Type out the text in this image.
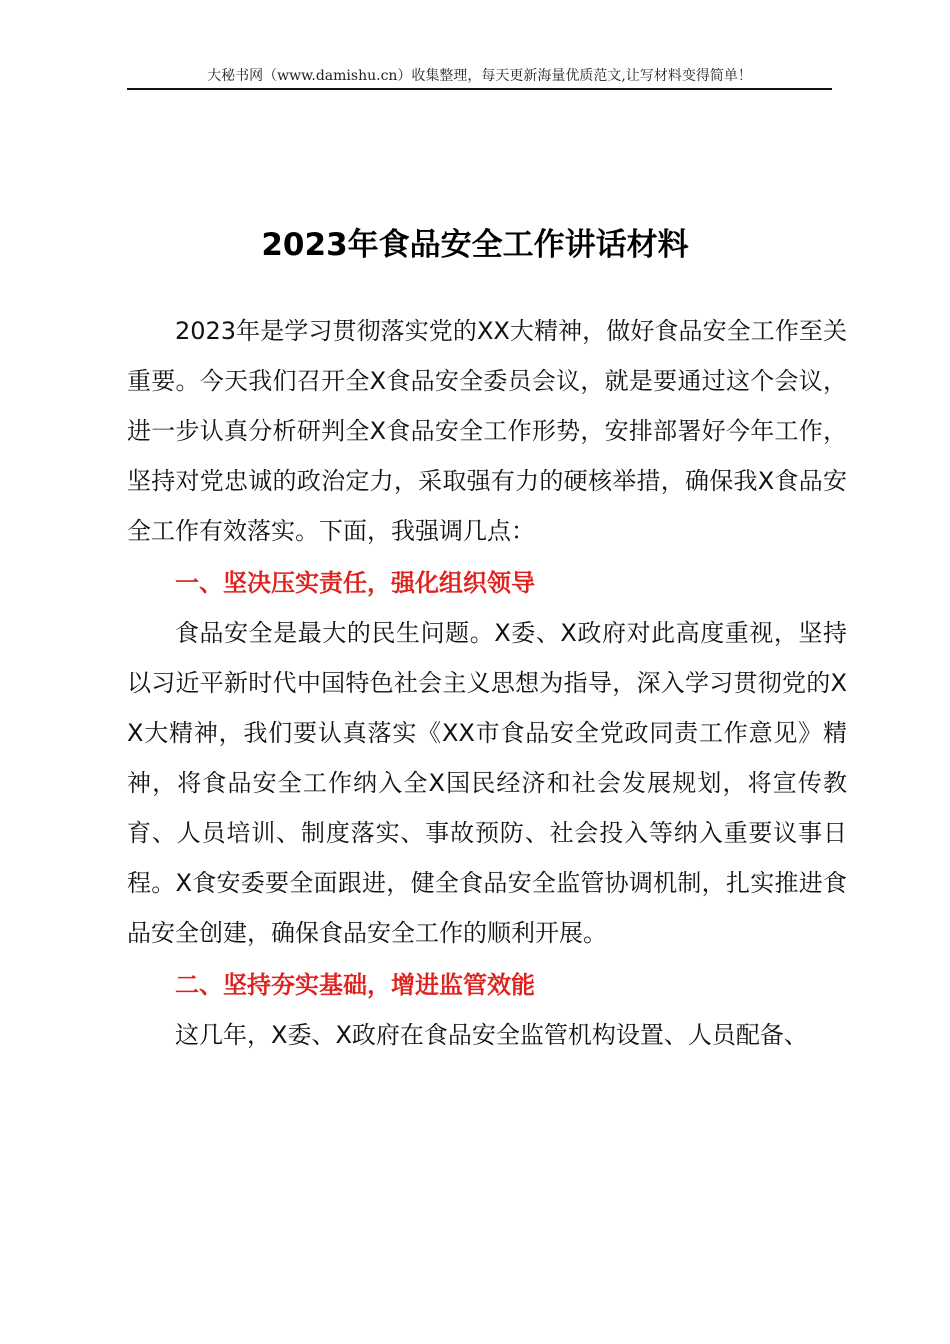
大秘书网（www.damishu.cn）收集整理，每天更新海量优质范文,让写材料变得简单！
2023年食品安全工作讲话材料

2023年是学习贯彻落实党的XX大精神，做好食品安全工作至关重要。今天我们召开全X食品安全委员会议，就是要通过这个会议，进一步认真分析研判全X食品安全工作形势，安排部署好今年工作，坚持对党忠诚的政治定力，采取强有力的硬核举措，确保我X食品安全工作有效落实。下面，我强调几点：

一、坚决压实责任，强化组织领导

食品安全是最大的民生问题。X委、X政府对此高度重视，坚持以习近平新时代中国特色社会主义思想为指导，深入学习贯彻党的XX大精神，我们要认真落实《XX市食品安全党政同责工作意见》精神，将食品安全工作纳入全X国民经济和社会发展规划，将宣传教育、人员培训、制度落实、事故预防、社会投入等纳入重要议事日程。X食安委要全面跟进，健全食品安全监管协调机制，扎实推进食品安全创建，确保食品安全工作的顺利开展。

二、坚持夯实基础，增进监管效能

这几年，X委、X政府在食品安全监管机构设置、人员配备、
